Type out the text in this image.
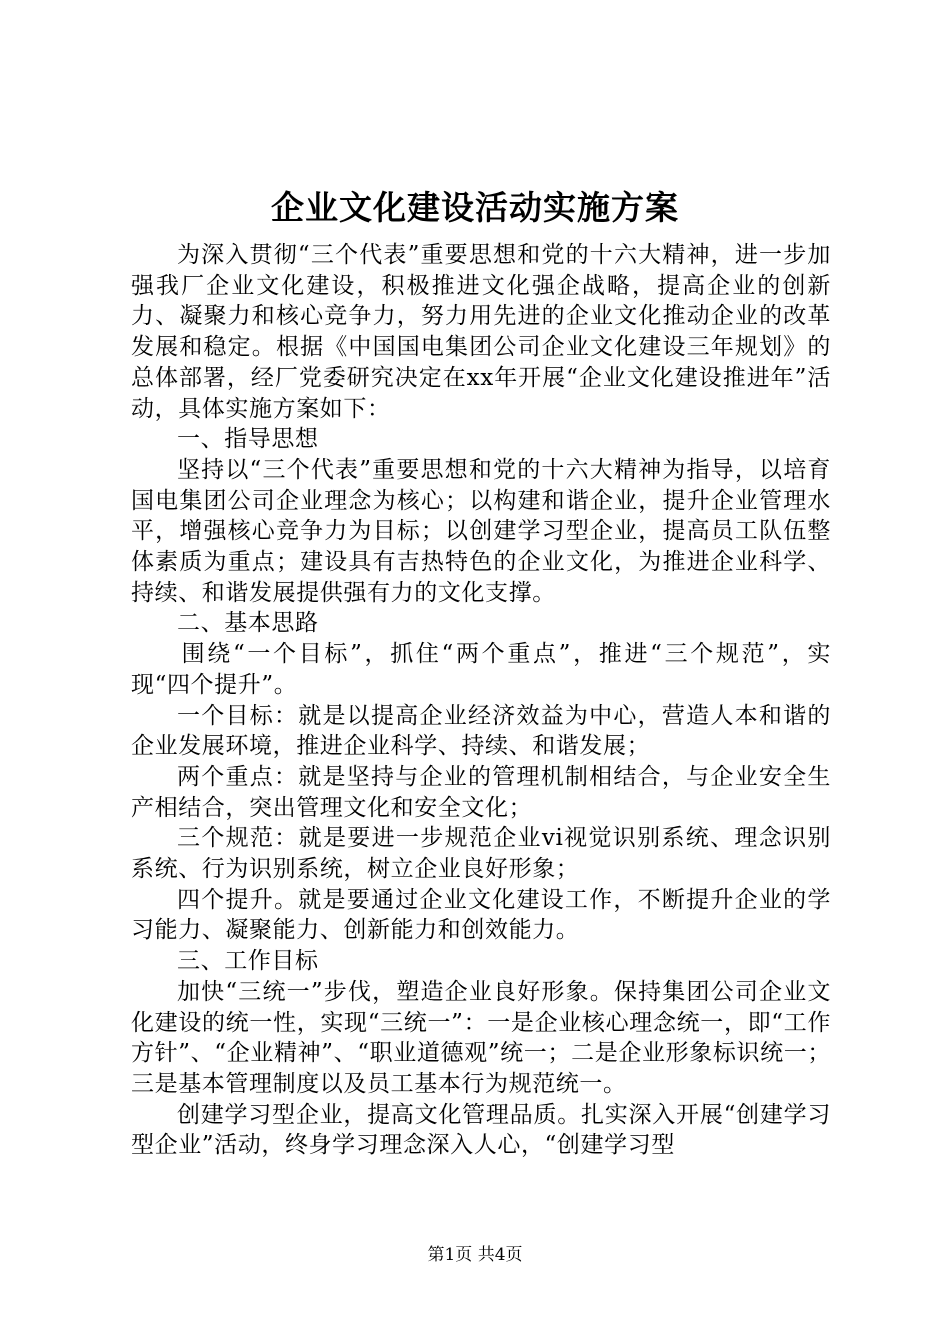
企业文化建设活动实施方案

为深入贯彻“三个代表”重要思想和党的十六大精神，进一步加强我厂企业文化建设，积极推进文化强企战略，提高企业的创新力、凝聚力和核心竞争力，努力用先进的企业文化推动企业的改革发展和稳定。根据《中国国电集团公司企业文化建设三年规划》的总体部署，经厂党委研究决定在xx年开展“企业文化建设推进年”活动，具体实施方案如下：

一、指导思想

坚持以“三个代表”重要思想和党的十六大精神为指导，以培育国电集团公司企业理念为核心；以构建和谐企业，提升企业管理水平，增强核心竞争力为目标；以创建学习型企业，提高员工队伍整体素质为重点；建设具有吉热特色的企业文化，为推进企业科学、持续、和谐发展提供强有力的文化支撑。

二、基本思路

围绕“一个目标”，抓住“两个重点”，推进“三个规范”，实现“四个提升”。

一个目标：就是以提高企业经济效益为中心，营造人本和谐的企业发展环境，推进企业科学、持续、和谐发展；

两个重点：就是坚持与企业的管理机制相结合，与企业安全生产相结合，突出管理文化和安全文化；

三个规范：就是要进一步规范企业vi视觉识别系统、理念识别系统、行为识别系统，树立企业良好形象；

四个提升。就是要通过企业文化建设工作，不断提升企业的学习能力、凝聚能力、创新能力和创效能力。

三、工作目标

加快“三统一”步伐，塑造企业良好形象。保持集团公司企业文化建设的统一性，实现“三统一”：一是企业核心理念统一，即“工作方针”、“企业精神”、“职业道德观”统一；二是企业形象标识统一；三是基本管理制度以及员工基本行为规范统一。

创建学习型企业，提高文化管理品质。扎实深入开展“创建学习型企业”活动，终身学习理念深入人心，“创建学习型

第1页 共4页
